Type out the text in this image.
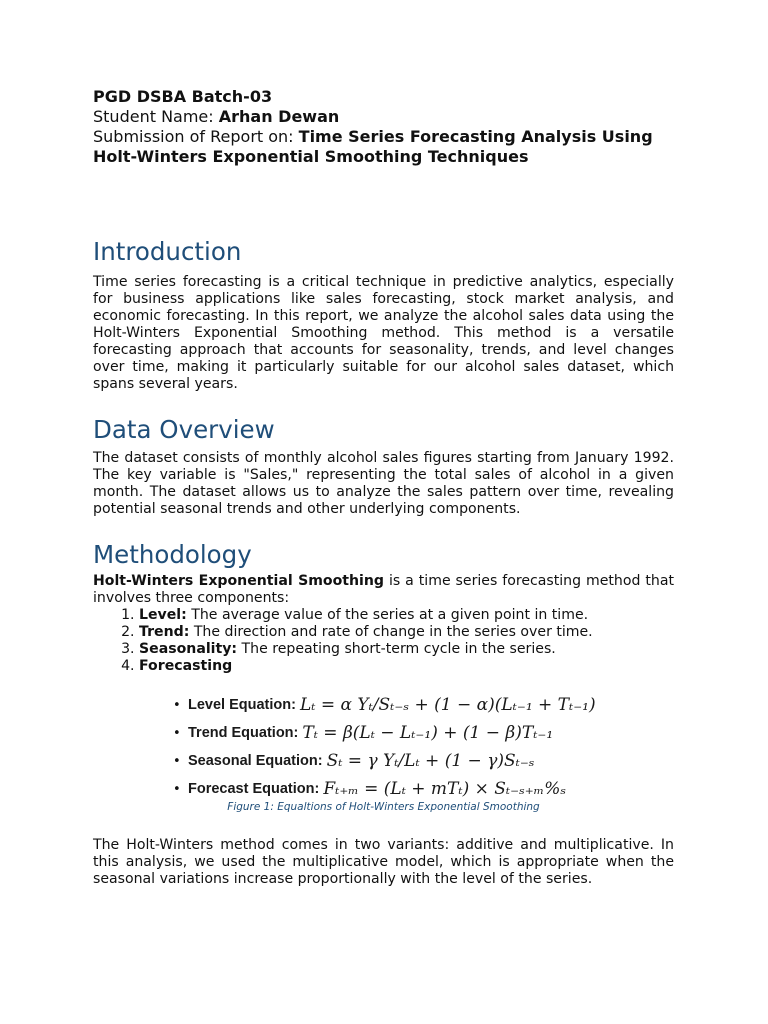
PGD DSBA Batch-03

Student Name: Arhan Dewan

Submission of Report on: Time Series Forecasting Analysis Using Holt-Winters Exponential Smoothing Techniques

Introduction

Time series forecasting is a critical technique in predictive analytics, especially for business applications like sales forecasting, stock market analysis, and economic forecasting. In this report, we analyze the alcohol sales data using the Holt-Winters Exponential Smoothing method. This method is a versatile forecasting approach that accounts for seasonality, trends, and level changes over time, making it particularly suitable for our alcohol sales dataset, which spans several years.

Data Overview

The dataset consists of monthly alcohol sales figures starting from January 1992. The key variable is "Sales," representing the total sales of alcohol in a given month. The dataset allows us to analyze the sales pattern over time, revealing potential seasonal trends and other underlying components.

Methodology

Holt-Winters Exponential Smoothing is a time series forecasting method that involves three components:

1. Level: The average value of the series at a given point in time.
2. Trend: The direction and rate of change in the series over time.
3. Seasonality: The repeating short-term cycle in the series.
4. Forecasting
• Level Equation: Lₜ = α Yₜ/Sₜ₋ₛ + (1 − α)(Lₜ₋₁ + Tₜ₋₁)
• Trend Equation: Tₜ = β(Lₜ − Lₜ₋₁) + (1 − β)Tₜ₋₁
• Seasonal Equation: Sₜ = γ Yₜ/Lₜ + (1 − γ)Sₜ₋ₛ
• Forecast Equation: Fₜ₊ₘ = (Lₜ + mTₜ) × Sₜ₋ₛ₊ₘ%ₛ
Figure 1: Equaltions of Holt-Winters Exponential Smoothing

The Holt-Winters method comes in two variants: additive and multiplicative. In this analysis, we used the multiplicative model, which is appropriate when the seasonal variations increase proportionally with the level of the series.
